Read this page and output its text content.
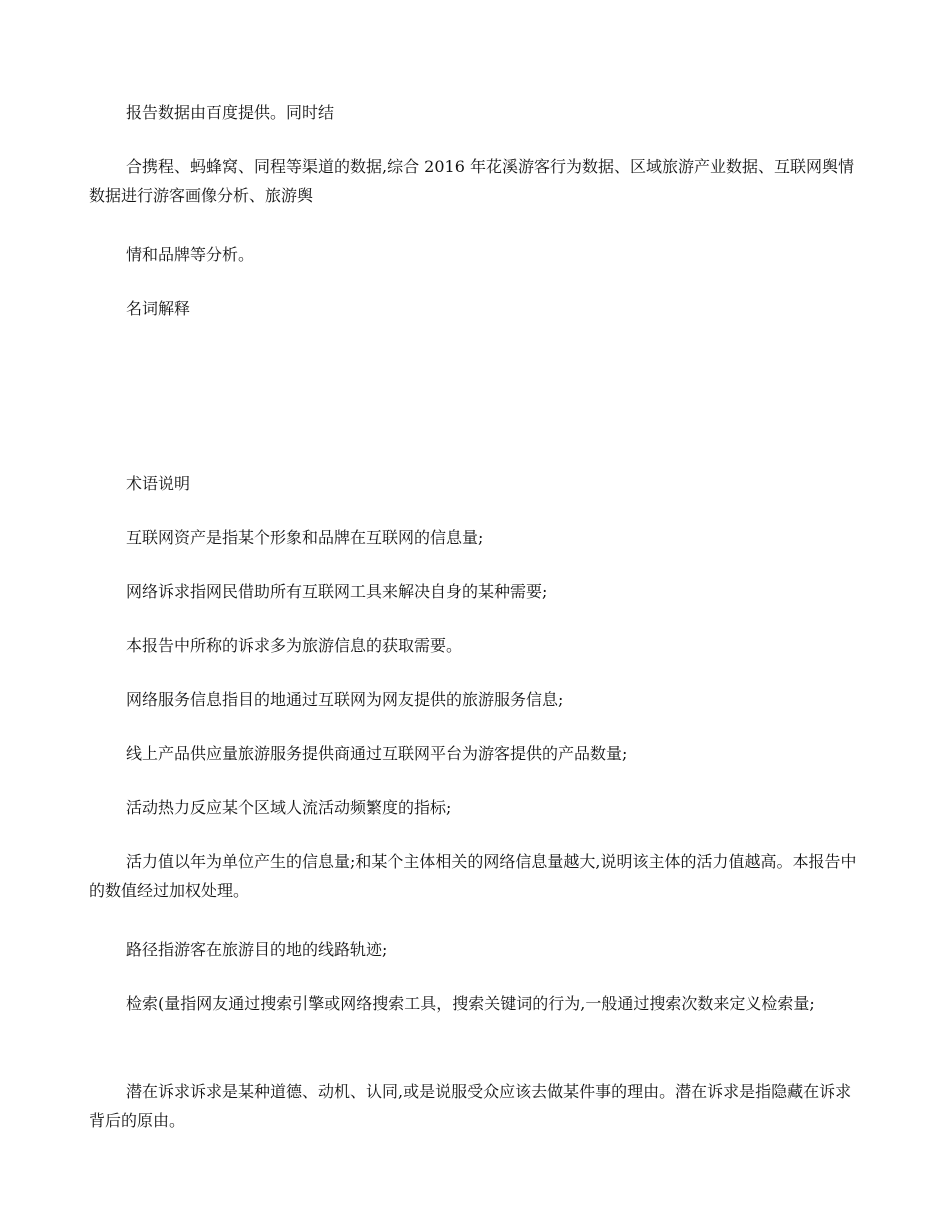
报告数据由百度提供。同时结

合携程、蚂蜂窝、同程等渠道的数据,综合 2016 年花溪游客行为数据、区域旅游产业数据、互联网舆情数据进行游客画像分析、旅游舆

情和品牌等分析。

名词解释

术语说明

互联网资产是指某个形象和品牌在互联网的信息量;

网络诉求指网民借助所有互联网工具来解决自身的某种需要;

本报告中所称的诉求多为旅游信息的获取需要。

网络服务信息指目的地通过互联网为网友提供的旅游服务信息;

线上产品供应量旅游服务提供商通过互联网平台为游客提供的产品数量;

活动热力反应某个区域人流活动频繁度的指标;

活力值以年为单位产生的信息量;和某个主体相关的网络信息量越大,说明该主体的活力值越高。本报告中的数值经过加权处理。

路径指游客在旅游目的地的线路轨迹;

检索(量指网友通过搜索引擎或网络搜索工具，搜索关键词的行为,一般通过搜索次数来定义检索量;

潜在诉求诉求是某种道德、动机、认同,或是说服受众应该去做某件事的理由。潜在诉求是指隐藏在诉求背后的原由。
